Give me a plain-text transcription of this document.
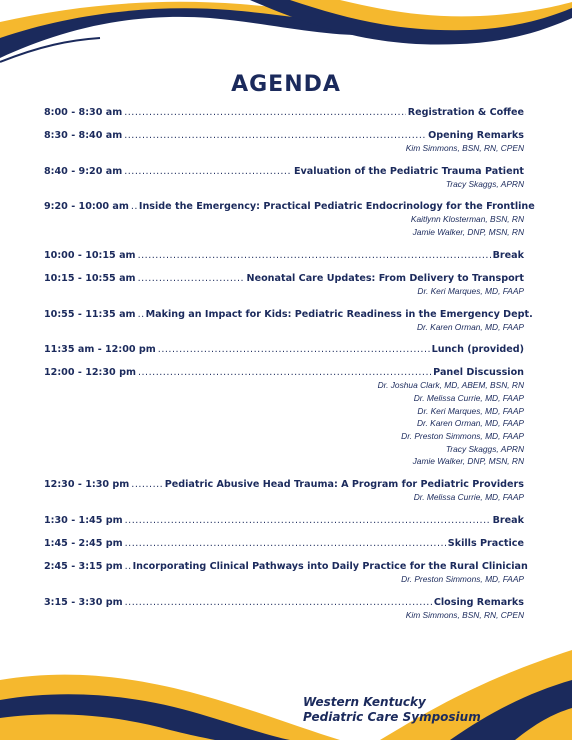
AGENDA
8:00 - 8:30 am .....	Registration & Coffee
8:30 - 8:40 am .....	Opening Remarks
Kim Simmons, BSN, RN, CPEN
8:40 - 9:20 am .....	Evaluation of the Pediatric Trauma Patient
Tracy Skaggs, APRN
9:20 - 10:00 am ..... Inside the Emergency: Practical Pediatric Endocrinology for the Frontline
Kaitlynn Klosterman, BSN, RN
Jamie Walker, DNP, MSN, RN
10:00 - 10:15 am .....	Break
10:15 - 10:55 am .....	Neonatal Care Updates: From Delivery to Transport
Dr. Keri Marques, MD, FAAP
10:55 - 11:35 am ..... Making an Impact for Kids: Pediatric Readiness in the Emergency Dept.
Dr. Karen Orman, MD, FAAP
11:35 am - 12:00 pm .....	Lunch (provided)
12:00 - 12:30 pm .....	Panel Discussion
Dr. Joshua Clark, MD, ABEM, BSN, RN
Dr. Melissa Currie, MD, FAAP
Dr. Keri Marques, MD, FAAP
Dr. Karen Orman, MD, FAAP
Dr. Preston Simmons, MD, FAAP
Tracy Skaggs, APRN
Jamie Walker, DNP, MSN, RN
12:30 - 1:30 pm .....	Pediatric Abusive Head Trauma: A Program for Pediatric Providers
Dr. Melissa Currie, MD, FAAP
1:30 - 1:45 pm .....	Break
1:45 - 2:45 pm .....	Skills Practice
2:45 - 3:15 pm ..... Incorporating Clinical Pathways into Daily Practice for the Rural Clinician
Dr. Preston Simmons, MD, FAAP
3:15 - 3:30 pm .....	Closing Remarks
Kim Simmons, BSN, RN, CPEN
Western Kentucky
Pediatric Care Symposium
